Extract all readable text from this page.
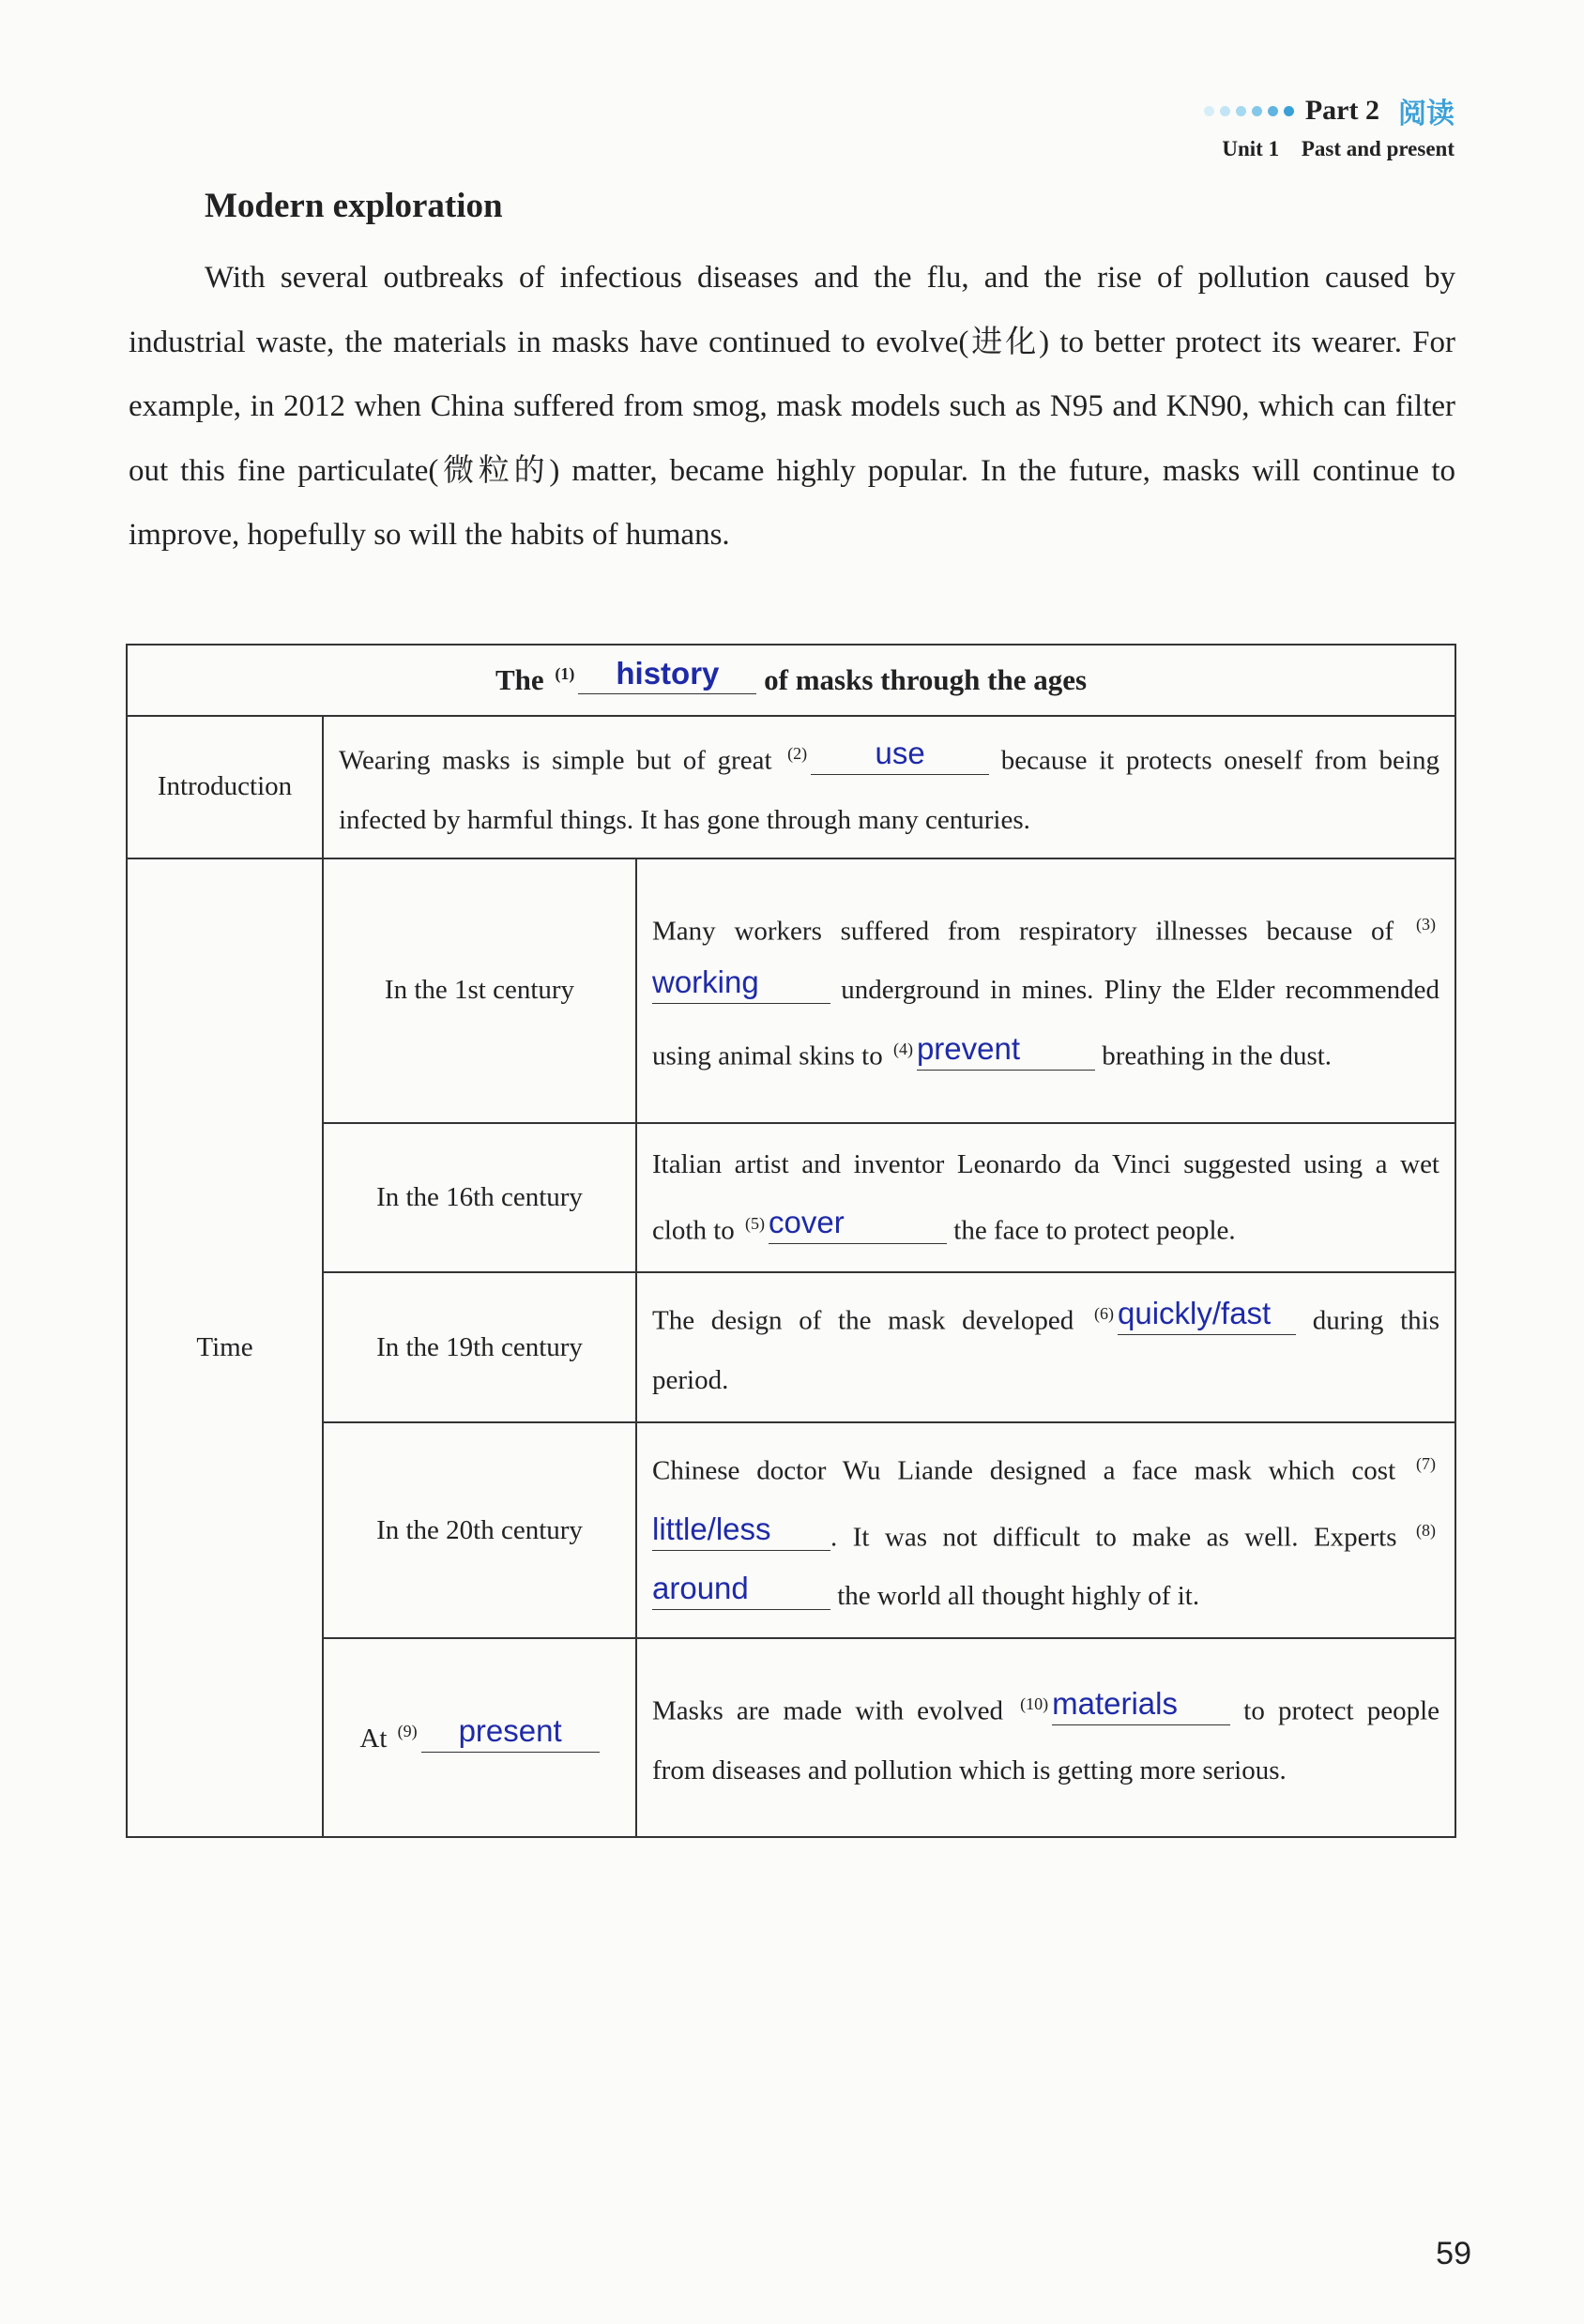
Part 2 阅读
Unit 1 Past and present
Modern exploration
With several outbreaks of infectious diseases and the flu, and the rise of pollution caused by industrial waste, the materials in masks have continued to evolve(进化) to better protect its wearer. For example, in 2012 when China suffered from smog, mask models such as N95 and KN90, which can filter out this fine particulate(微粒的) matter, became highly popular. In the future, masks will continue to improve, hopefully so will the habits of humans.
The $^{(1)}$ history of masks through the ages		
Introduction	Wearing masks is simple but of great $^{(2)}$ use because it protects oneself from being infected by harmful things. It has gone through many centuries.	
Time	In the 1st century	Many workers suffered from respiratory illnesses because of $^{(3)}$working underground in mines. Pliny the Elder recommended using animal skins to $^{(4)}$ prevent breathing in the dust.
	In the 16th century	Italian artist and inventor Leonardo da Vinci suggested using a wet cloth to $^{(5)}$ cover the face to protect people.
	In the 19th century	The design of the mask developed $^{(6)}$ quickly/fast during this period.
	In the 20th century	Chinese doctor Wu Liande designed a face mask which cost $^{(7)}$little/less . It was not difficult to make as well. Experts $^{(8)}$around the world all thought highly of it.
	At $^{(9)}$ present	Masks are made with evolved $^{(10)}$ materials to protect people from diseases and pollution which is getting more serious.
59
